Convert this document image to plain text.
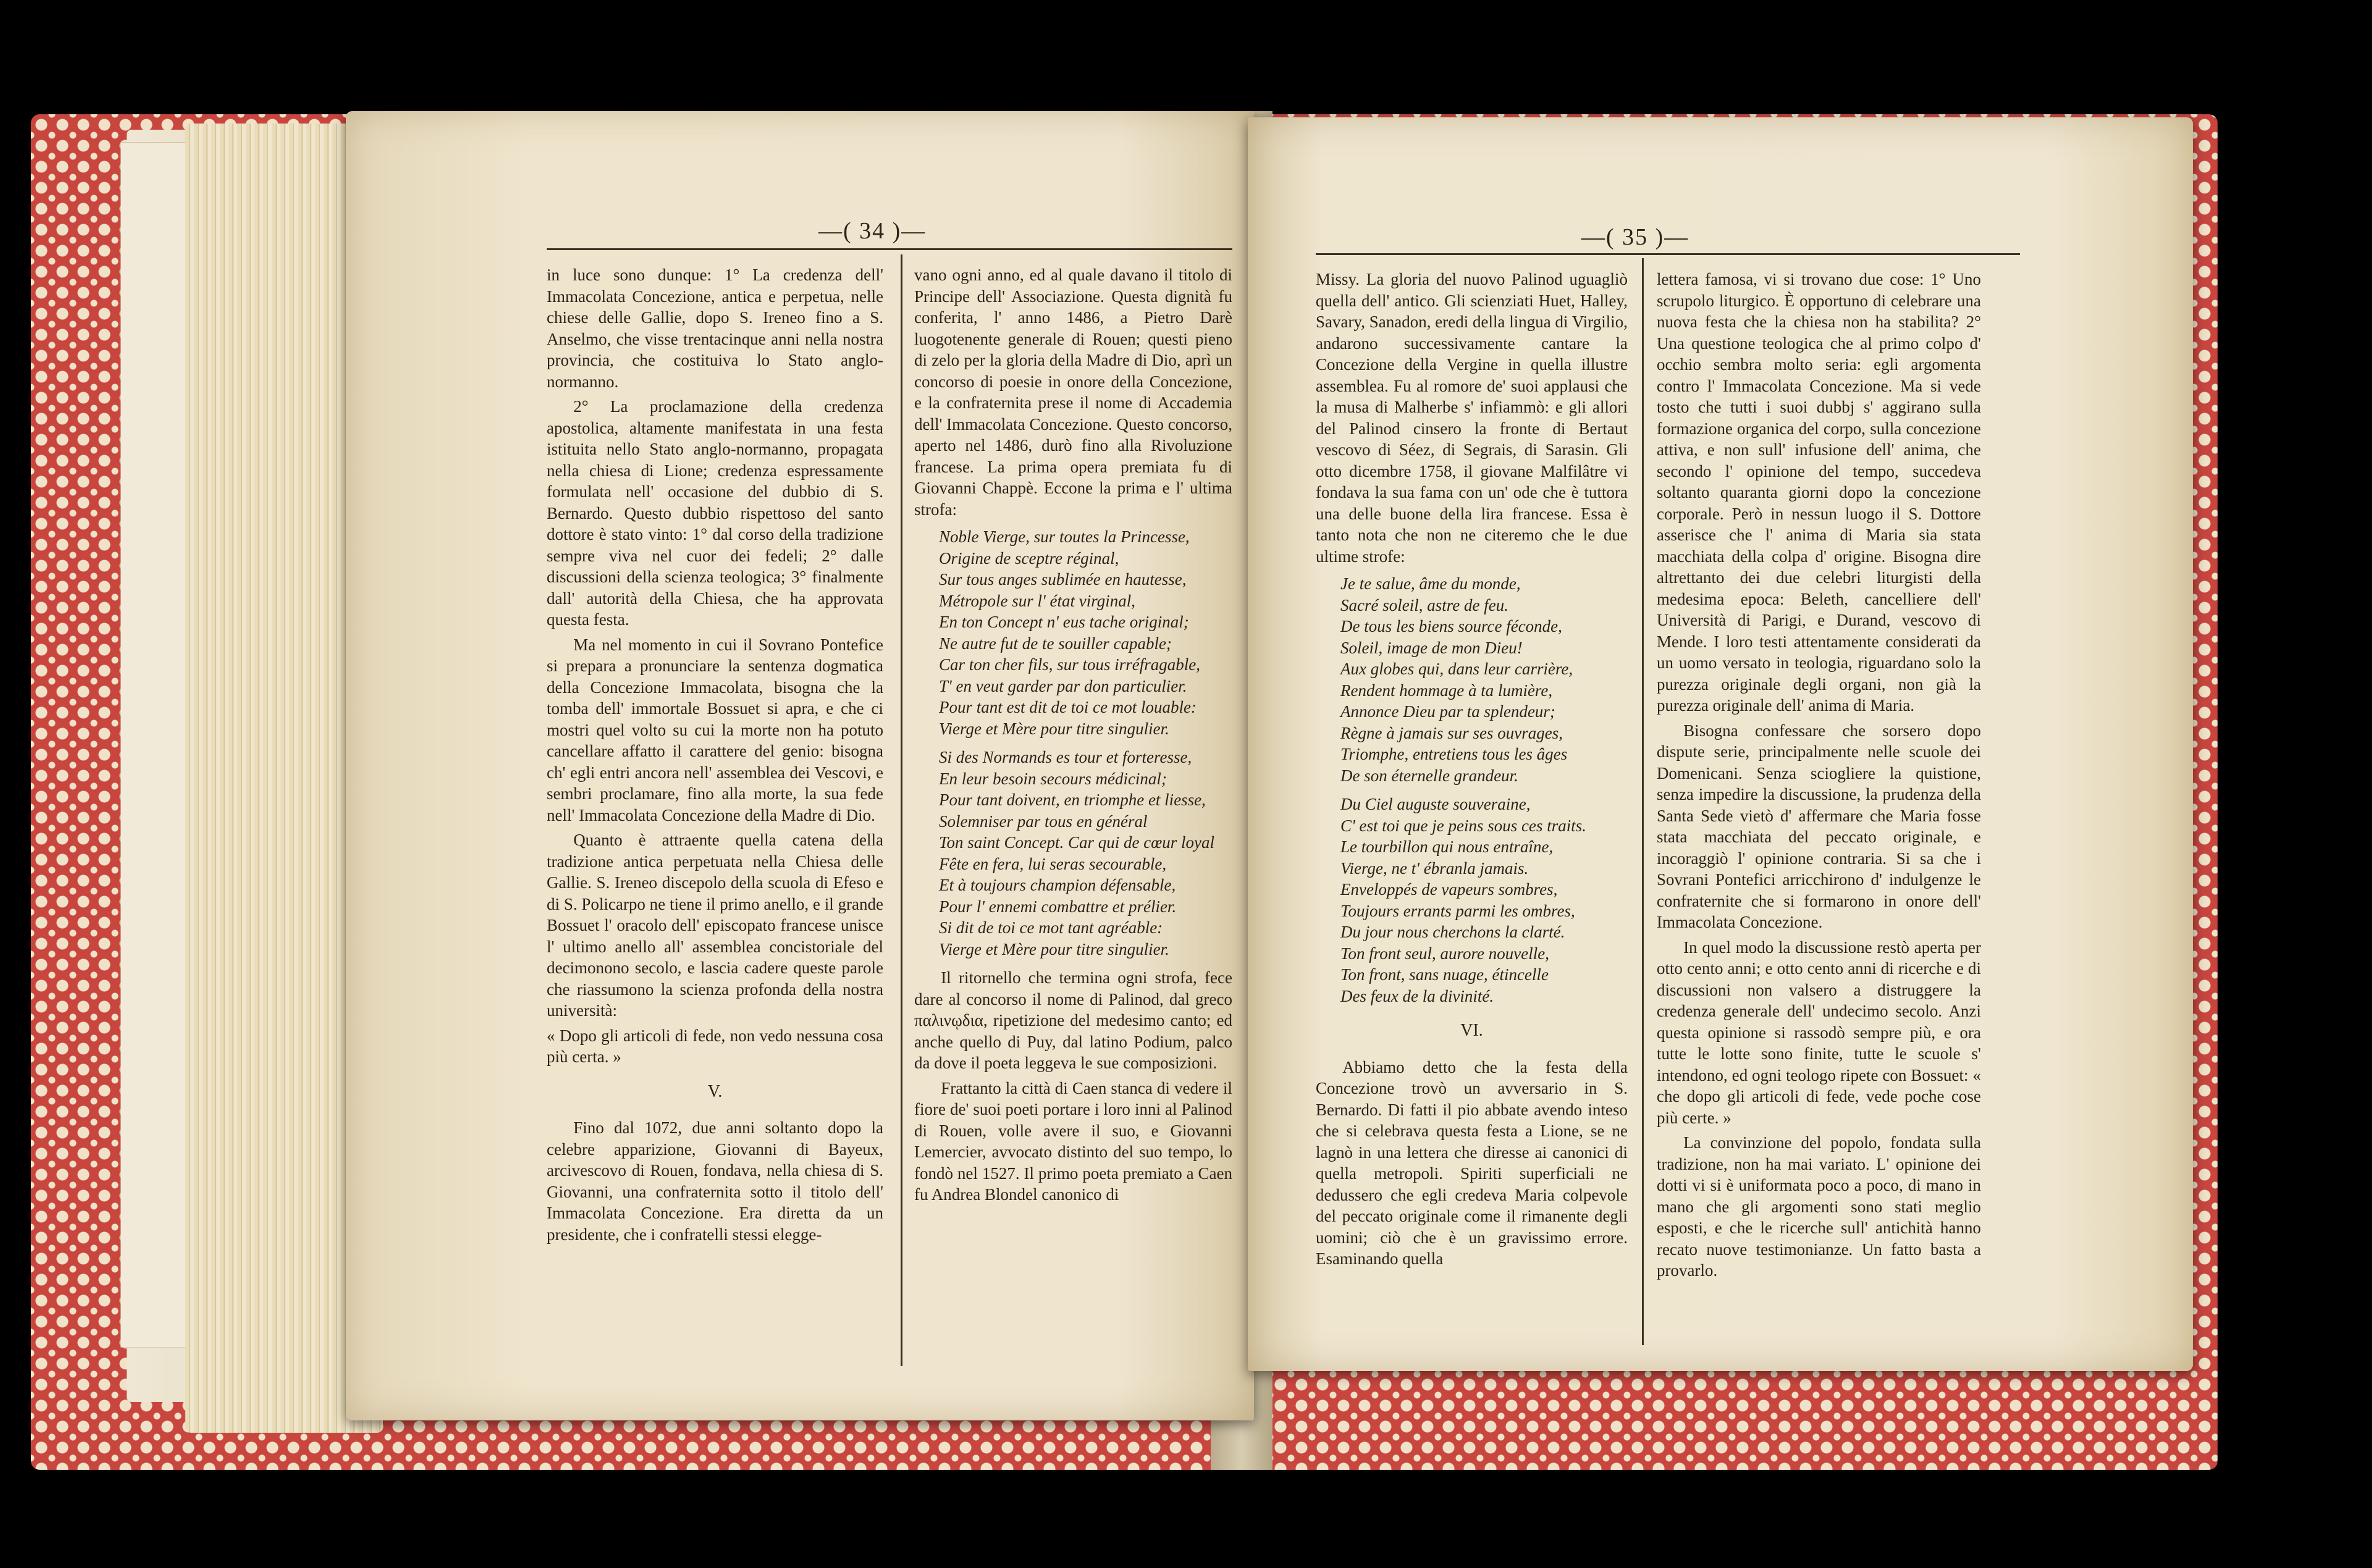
—( 34 )—

in luce sono dunque: 1° La credenza dell' Immacolata Concezione, antica e perpetua, nelle chiese delle Gallie, dopo S. Ireneo fino a S. Anselmo, che visse trentacinque anni nella nostra provincia, che costituiva lo Stato anglo-normanno.

2° La proclamazione della credenza apostolica, altamente manifestata in una festa istituita nello Stato anglo-normanno, propagata nella chiesa di Lione; credenza espressamente formulata nell' occasione del dubbio di S. Bernardo. Questo dubbio rispettoso del santo dottore è stato vinto: 1° dal corso della tradizione sempre viva nel cuor dei fedeli; 2° dalle discussioni della scienza teologica; 3° finalmente dall' autorità della Chiesa, che ha approvata questa festa.

Ma nel momento in cui il Sovrano Pontefice si prepara a pronunciare la sentenza dogmatica della Concezione Immacolata, bisogna che la tomba dell' immortale Bossuet si apra, e che ci mostri quel volto su cui la morte non ha potuto cancellare affatto il carattere del genio: bisogna ch' egli entri ancora nell' assemblea dei Vescovi, e sembri proclamare, fino alla morte, la sua fede nell' Immacolata Concezione della Madre di Dio.

Quanto è attraente quella catena della tradizione antica perpetuata nella Chiesa delle Gallie. S. Ireneo discepolo della scuola di Efeso e di S. Policarpo ne tiene il primo anello, e il grande Bossuet l' oracolo dell' episcopato francese unisce l' ultimo anello all' assemblea concistoriale del decimonono secolo, e lascia cadere queste parole che riassumono la scienza profonda della nostra università:

« Dopo gli articoli di fede, non vedo nessuna cosa più certa. »

V.

Fino dal 1072, due anni soltanto dopo la celebre apparizione, Giovanni di Bayeux, arcivescovo di Rouen, fondava, nella chiesa di S. Giovanni, una confraternita sotto il titolo dell' Immacolata Concezione. Era diretta da un presidente, che i confratelli stessi elegge-

vano ogni anno, ed al quale davano il titolo di Principe dell' Associazione. Questa dignità fu conferita, l' anno 1486, a Pietro Darè luogotenente generale di Rouen; questi pieno di zelo per la gloria della Madre di Dio, aprì un concorso di poesie in onore della Concezione, e la confraternita prese il nome di Accademia dell' Immacolata Concezione. Questo concorso, aperto nel 1486, durò fino alla Rivoluzione francese. La prima opera premiata fu di Giovanni Chappè. Eccone la prima e l' ultima strofa:

Noble Vierge, sur toutes la Princesse,
Origine de sceptre réginal,
Sur tous anges sublimée en hautesse,
Métropole sur l' état virginal,
En ton Concept n' eus tache original;
Ne autre fut de te souiller capable;
Car ton cher fils, sur tous irréfragable,
T' en veut garder par don particulier.
Pour tant est dit de toi ce mot louable:
Vierge et Mère pour titre singulier.
Si des Normands es tour et forteresse,
En leur besoin secours médicinal;
Pour tant doivent, en triomphe et liesse,
Solemniser par tous en général
Ton saint Concept. Car qui de cœur loyal
Fête en fera, lui seras secourable,
Et à toujours champion défensable,
Pour l' ennemi combattre et prélier.
Si dit de toi ce mot tant agréable:
Vierge et Mère pour titre singulier.

Il ritornello che termina ogni strofa, fece dare al concorso il nome di Palinod, dal greco παλινῳδια, ripetizione del medesimo canto; ed anche quello di Puy, dal latino Podium, palco da dove il poeta leggeva le sue composizioni.

Frattanto la città di Caen stanca di vedere il fiore de' suoi poeti portare i loro inni al Palinod di Rouen, volle avere il suo, e Giovanni Lemercier, avvocato distinto del suo tempo, lo fondò nel 1527. Il primo poeta premiato a Caen fu Andrea Blondel canonico di

—( 35 )—

Missy. La gloria del nuovo Palinod uguagliò quella dell' antico. Gli scienziati Huet, Halley, Savary, Sanadon, eredi della lingua di Virgilio, andarono successivamente cantare la Concezione della Vergine in quella illustre assemblea. Fu al romore de' suoi applausi che la musa di Malherbe s' infiammò: e gli allori del Palinod cinsero la fronte di Bertaut vescovo di Séez, di Segrais, di Sarasin. Gli otto dicembre 1758, il giovane Malfilâtre vi fondava la sua fama con un' ode che è tuttora una delle buone della lira francese. Essa è tanto nota che non ne citeremo che le due ultime strofe:

Je te salue, âme du monde,
Sacré soleil, astre de feu.
De tous les biens source féconde,
Soleil, image de mon Dieu!
Aux globes qui, dans leur carrière,
Rendent hommage à ta lumière,
Annonce Dieu par ta splendeur;
Règne à jamais sur ses ouvrages,
Triomphe, entretiens tous les âges
De son éternelle grandeur.
Du Ciel auguste souveraine,
C' est toi que je peins sous ces traits.
Le tourbillon qui nous entraîne,
Vierge, ne t' ébranla jamais.
Enveloppés de vapeurs sombres,
Toujours errants parmi les ombres,
Du jour nous cherchons la clarté.
Ton front seul, aurore nouvelle,
Ton front, sans nuage, étincelle
Des feux de la divinité.
VI.

Abbiamo detto che la festa della Concezione trovò un avversario in S. Bernardo. Di fatti il pio abbate avendo inteso che si celebrava questa festa a Lione, se ne lagnò in una lettera che diresse ai canonici di quella metropoli. Spiriti superficiali ne dedussero che egli credeva Maria colpevole del peccato originale come il rimanente degli uomini; ciò che è un gravissimo errore. Esaminando quella

lettera famosa, vi si trovano due cose: 1° Uno scrupolo liturgico. È opportuno di celebrare una nuova festa che la chiesa non ha stabilita? 2° Una questione teologica che al primo colpo d' occhio sembra molto seria: egli argomenta contro l' Immacolata Concezione. Ma si vede tosto che tutti i suoi dubbj s' aggirano sulla formazione organica del corpo, sulla concezione attiva, e non sull' infusione dell' anima, che secondo l' opinione del tempo, succedeva soltanto quaranta giorni dopo la concezione corporale. Però in nessun luogo il S. Dottore asserisce che l' anima di Maria sia stata macchiata della colpa d' origine. Bisogna dire altrettanto dei due celebri liturgisti della medesima epoca: Beleth, cancelliere dell' Università di Parigi, e Durand, vescovo di Mende. I loro testi attentamente considerati da un uomo versato in teologia, riguardano solo la purezza originale degli organi, non già la purezza originale dell' anima di Maria.

Bisogna confessare che sorsero dopo dispute serie, principalmente nelle scuole dei Domenicani. Senza sciogliere la quistione, senza impedire la discussione, la prudenza della Santa Sede vietò d' affermare che Maria fosse stata macchiata del peccato originale, e incoraggiò l' opinione contraria. Si sa che i Sovrani Pontefici arricchirono d' indulgenze le confraternite che si formarono in onore dell' Immacolata Concezione.

In quel modo la discussione restò aperta per otto cento anni; e otto cento anni di ricerche e di discussioni non valsero a distruggere la credenza generale dell' undecimo secolo. Anzi questa opinione si rassodò sempre più, e ora tutte le lotte sono finite, tutte le scuole s' intendono, ed ogni teologo ripete con Bossuet: « che dopo gli articoli di fede, vede poche cose più certe. »

La convinzione del popolo, fondata sulla tradizione, non ha mai variato. L' opinione dei dotti vi si è uniformata poco a poco, di mano in mano che gli argomenti sono stati meglio esposti, e che le ricerche sull' antichità hanno recato nuove testimonianze. Un fatto basta a provarlo.
